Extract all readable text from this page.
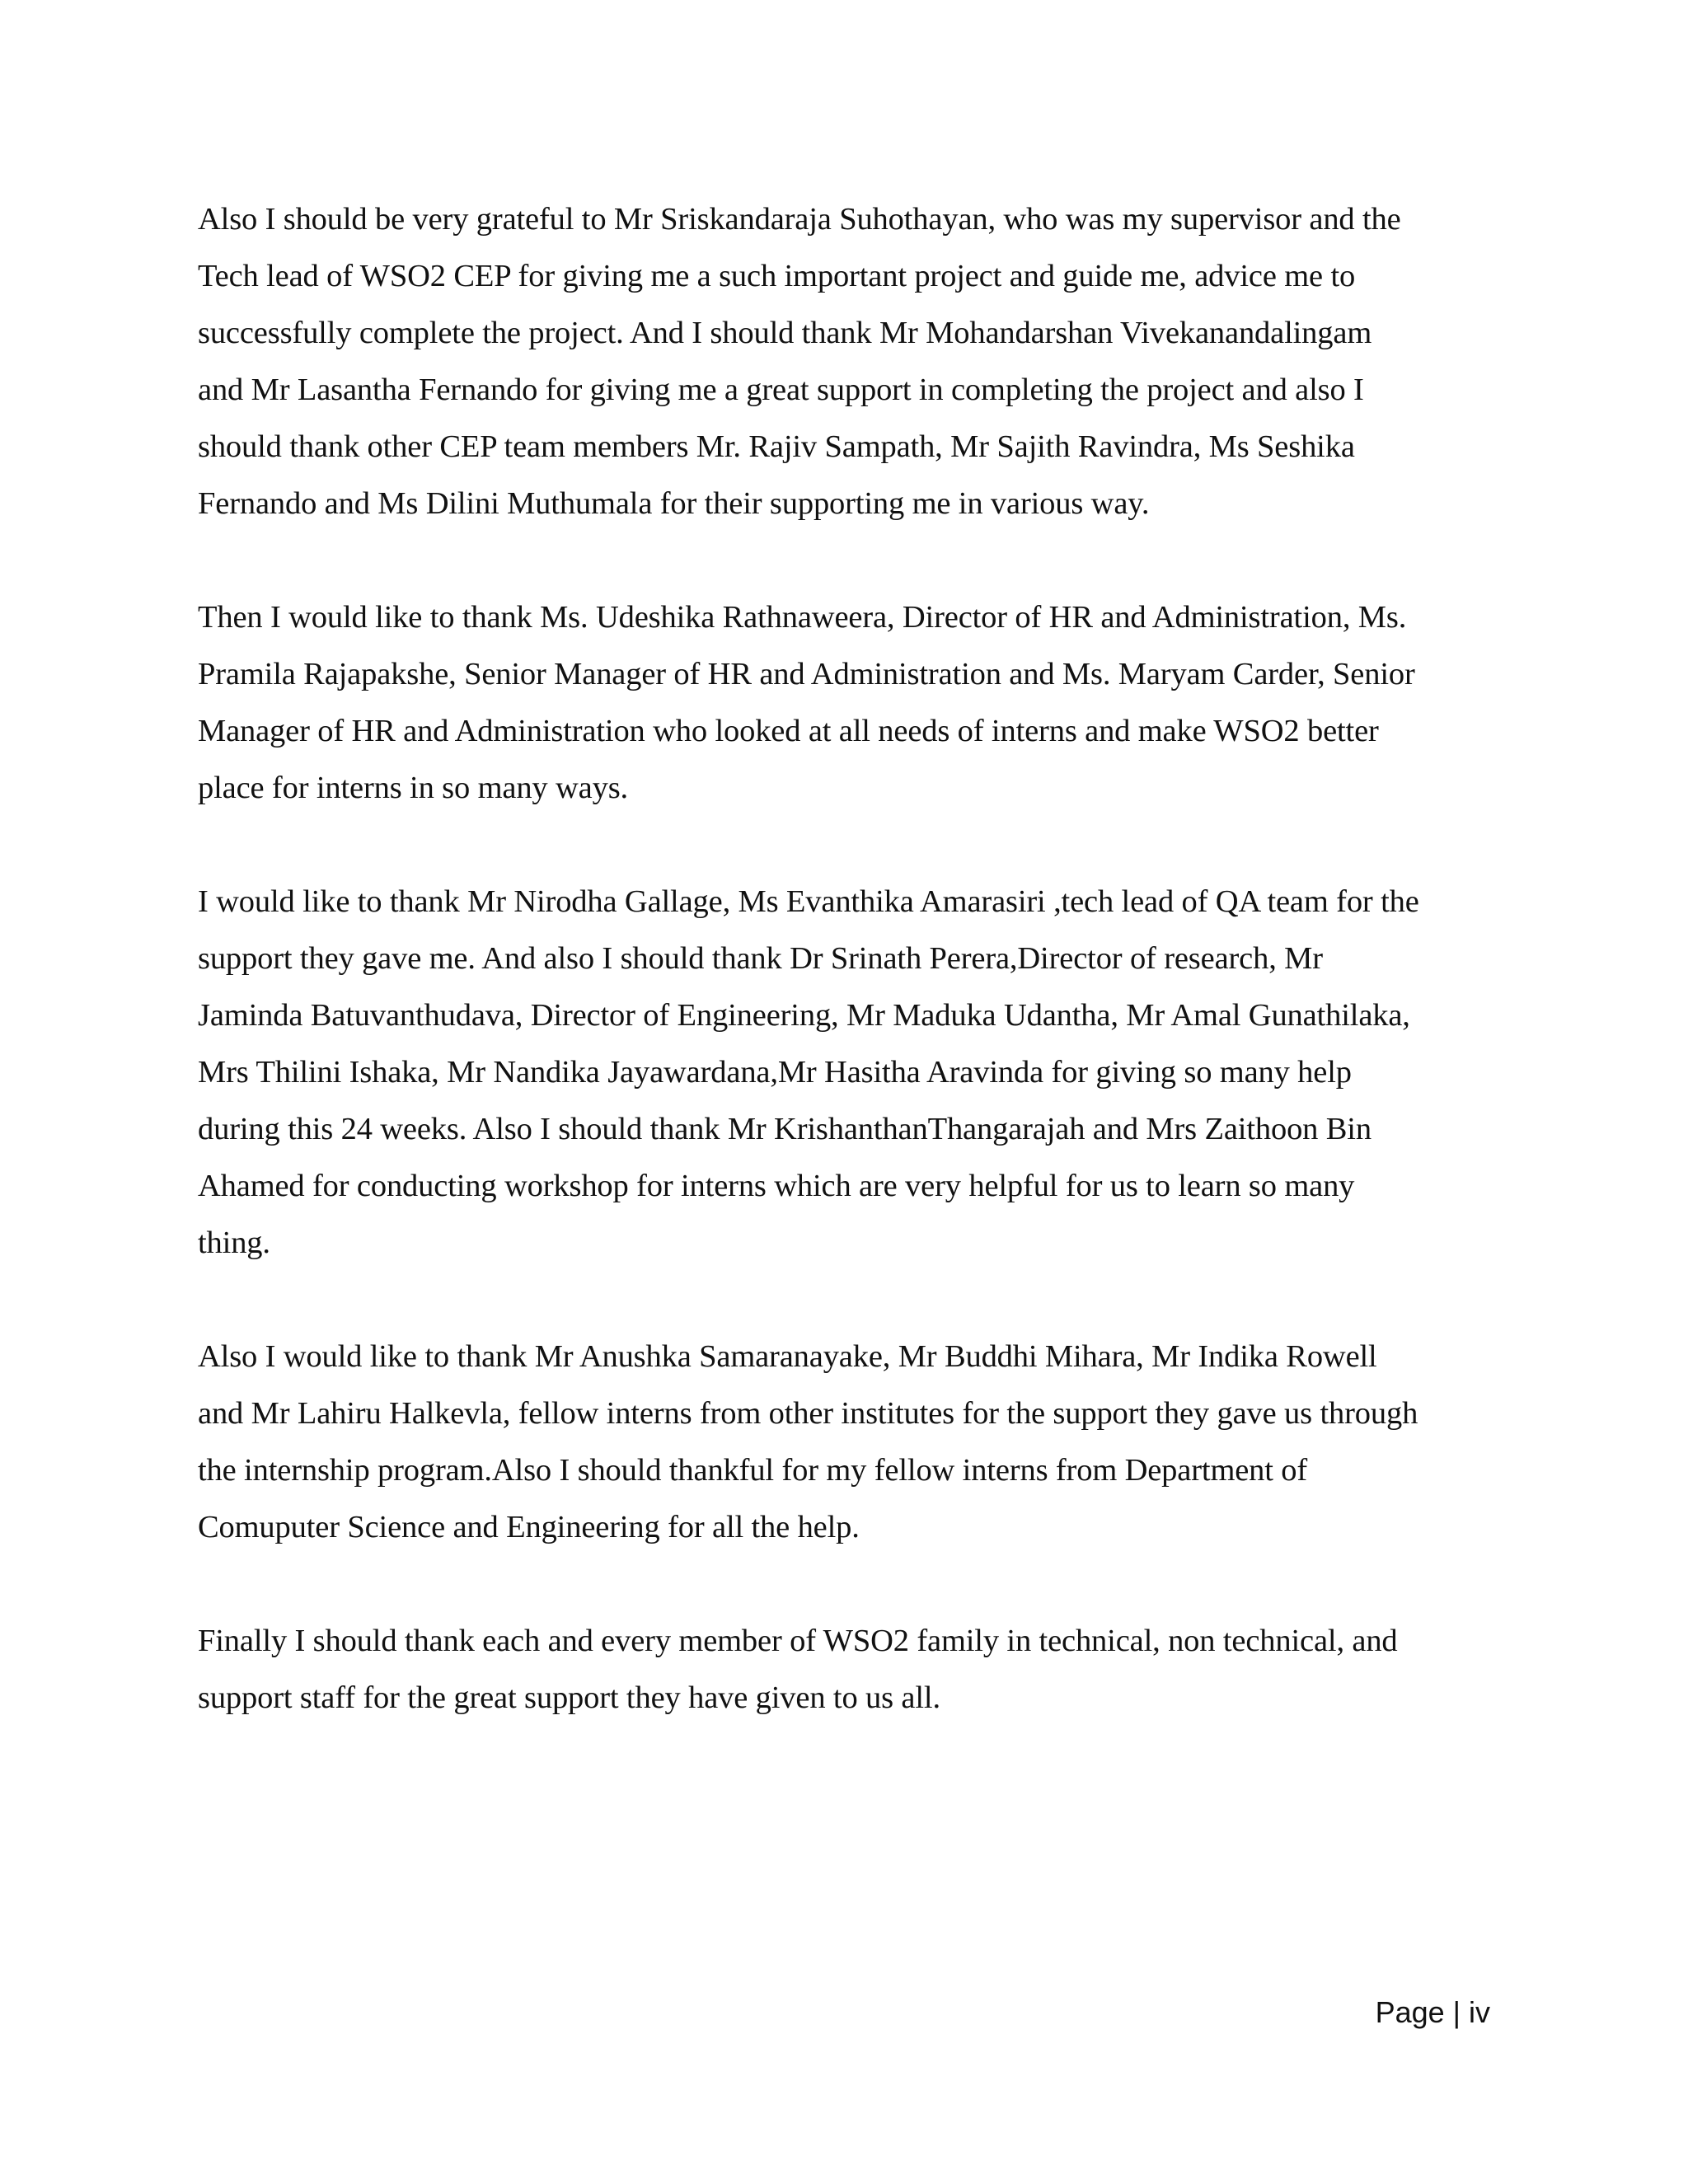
Also I should be very grateful to Mr Sriskandaraja Suhothayan, who was my supervisor and the
Tech lead of WSO2 CEP for giving me a such important project and guide me, advice me to
successfully complete the project. And I should thank Mr Mohandarshan Vivekanandalingam
and Mr Lasantha Fernando for giving me a great support in completing the project and also I
should thank other CEP team members Mr. Rajiv Sampath, Mr Sajith Ravindra, Ms Seshika
Fernando and Ms Dilini Muthumala for their supporting me in various way.

Then I would like to thank Ms. Udeshika Rathnaweera, Director of HR and Administration, Ms.
Pramila Rajapakshe, Senior Manager of HR and Administration and Ms. Maryam Carder, Senior
Manager of HR and Administration who looked at all needs of interns and make WSO2 better
place for interns in so many ways.

I would like to thank Mr Nirodha Gallage, Ms Evanthika Amarasiri ,tech lead of QA team for the
support they gave me. And also I should thank Dr Srinath Perera,Director of research, Mr
Jaminda Batuvanthudava, Director of Engineering, Mr Maduka Udantha, Mr Amal Gunathilaka,
Mrs Thilini Ishaka, Mr Nandika Jayawardana,Mr Hasitha Aravinda for giving so many help
during this 24 weeks. Also I should thank Mr KrishanthanThangarajah and Mrs Zaithoon Bin
Ahamed for conducting workshop for interns which are very helpful for us to learn so many
thing.

Also I would like to thank Mr Anushka Samaranayake, Mr Buddhi Mihara, Mr Indika Rowell
and Mr Lahiru Halkevla, fellow interns from other institutes for the support they gave us through
the internship program.Also I should thankful for my fellow interns from Department of
Comuputer Science and Engineering for all the help.

Finally I should thank each and every member of WSO2 family in technical, non technical, and
support staff for the great support they have given to us all.

Page | iv
